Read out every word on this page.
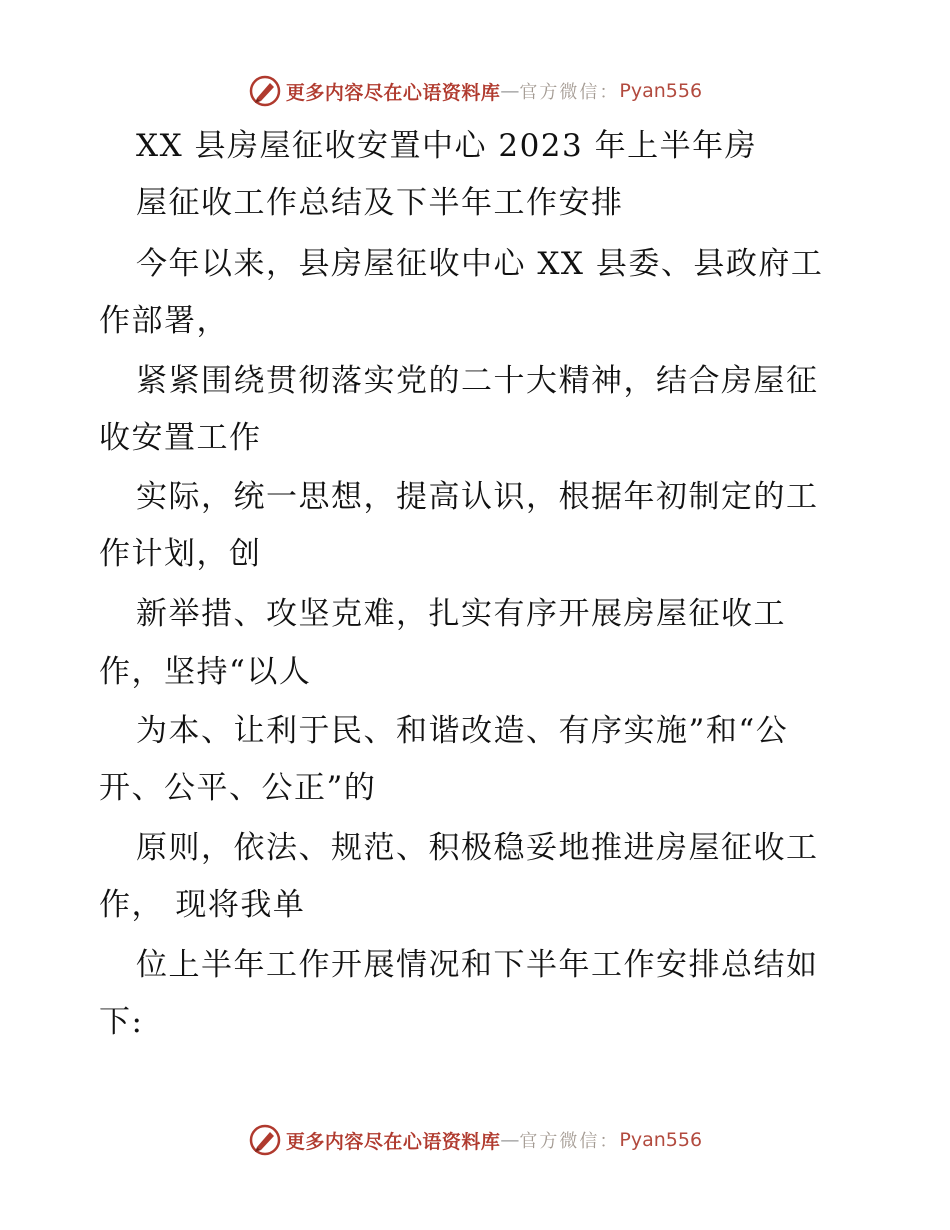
更多内容尽在心语资料库 — 官方微信： Pyan556
XX 县房屋征收安置中心 2023 年上半年房
屋征收工作总结及下半年工作安排
今年以来，县房屋征收中心 XX 县委、县政府工
作部署，
紧紧围绕贯彻落实党的二十大精神，结合房屋征
收安置工作
实际，统一思想，提高认识，根据年初制定的工
作计划，创
新举措、攻坚克难，扎实有序开展房屋征收工
作，坚持“以人
为本、让利于民、和谐改造、有序实施”和“公
开、公平、公正”的
原则，依法、规范、积极稳妥地推进房屋征收工
作， 现将我单
位上半年工作开展情况和下半年工作安排总结如
下:
更多内容尽在心语资料库 — 官方微信： Pyan556
